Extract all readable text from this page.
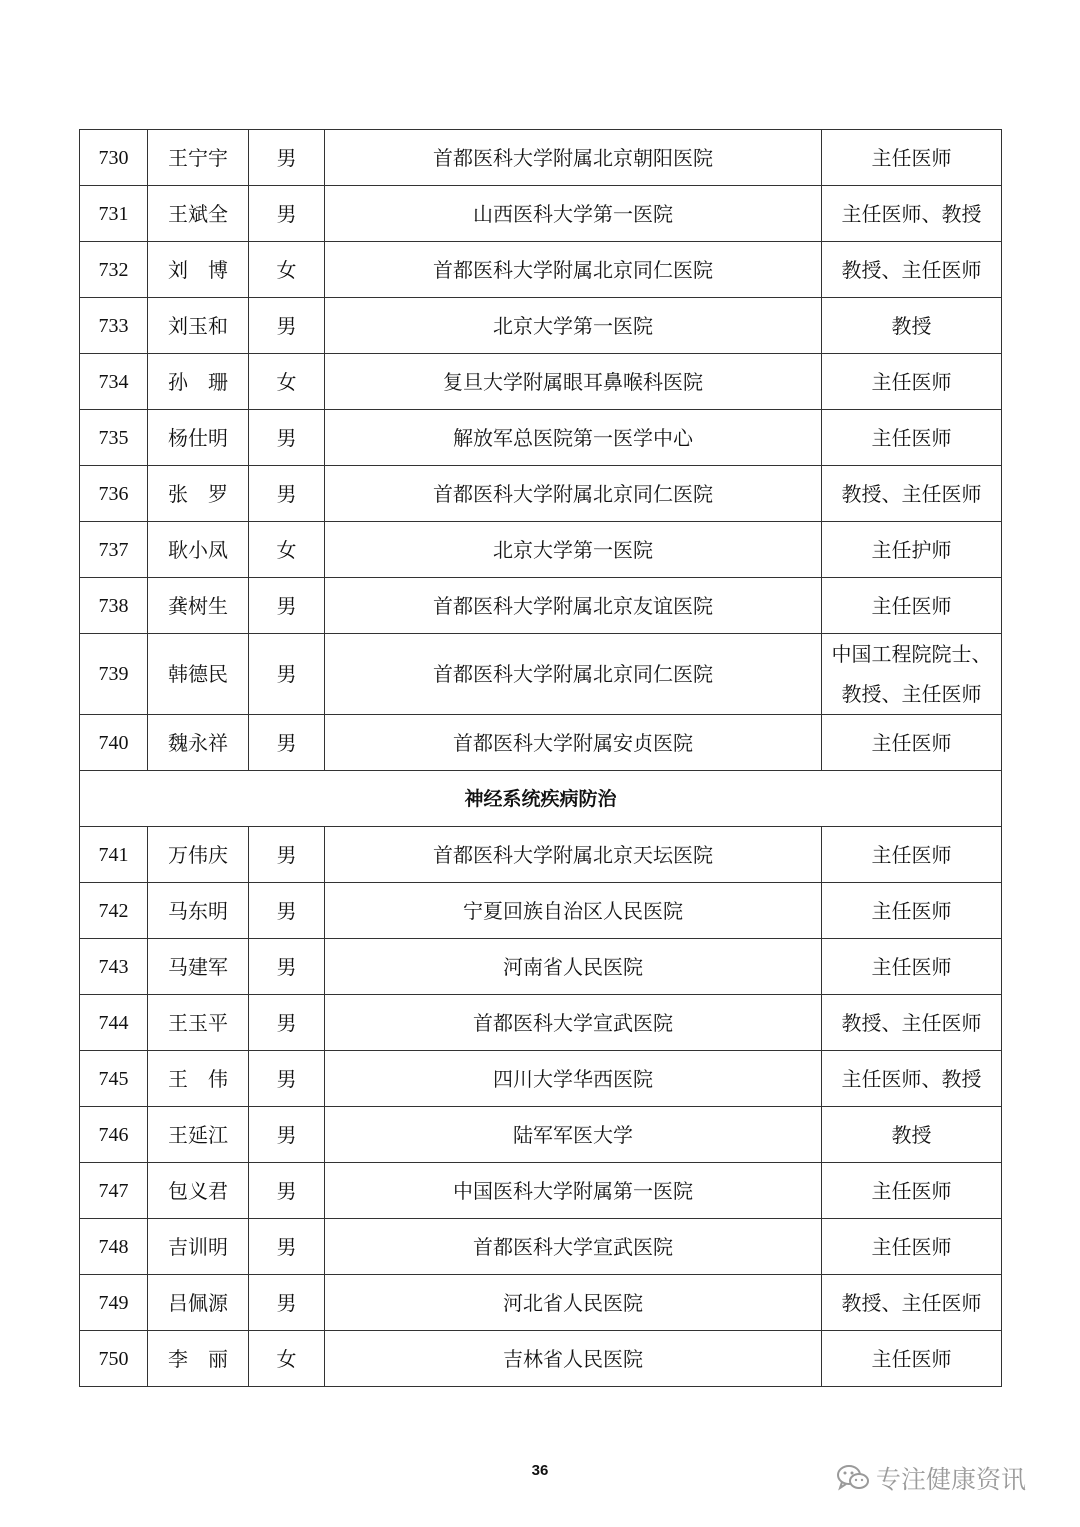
730	王宁宇	男	首都医科大学附属北京朝阳医院	主任医师
731	王斌全	男	山西医科大学第一医院	主任医师、教授
732	刘　博	女	首都医科大学附属北京同仁医院	教授、主任医师
733	刘玉和	男	北京大学第一医院	教授
734	孙　珊	女	复旦大学附属眼耳鼻喉科医院	主任医师
735	杨仕明	男	解放军总医院第一医学中心	主任医师
736	张　罗	男	首都医科大学附属北京同仁医院	教授、主任医师
737	耿小凤	女	北京大学第一医院	主任护师
738	龚树生	男	首都医科大学附属北京友谊医院	主任医师
739	韩德民	男	首都医科大学附属北京同仁医院	中国工程院院士、
教授、主任医师

740	魏永祥	男	首都医科大学附属安贞医院	主任医师
神经系统疾病防治				
741	万伟庆	男	首都医科大学附属北京天坛医院	主任医师
742	马东明	男	宁夏回族自治区人民医院	主任医师
743	马建军	男	河南省人民医院	主任医师
744	王玉平	男	首都医科大学宣武医院	教授、主任医师
745	王　伟	男	四川大学华西医院	主任医师、教授
746	王延江	男	陆军军医大学	教授
747	包义君	男	中国医科大学附属第一医院	主任医师
748	吉训明	男	首都医科大学宣武医院	主任医师
749	吕佩源	男	河北省人民医院	教授、主任医师
750	李　丽	女	吉林省人民医院	主任医师
36	专注健康资讯
